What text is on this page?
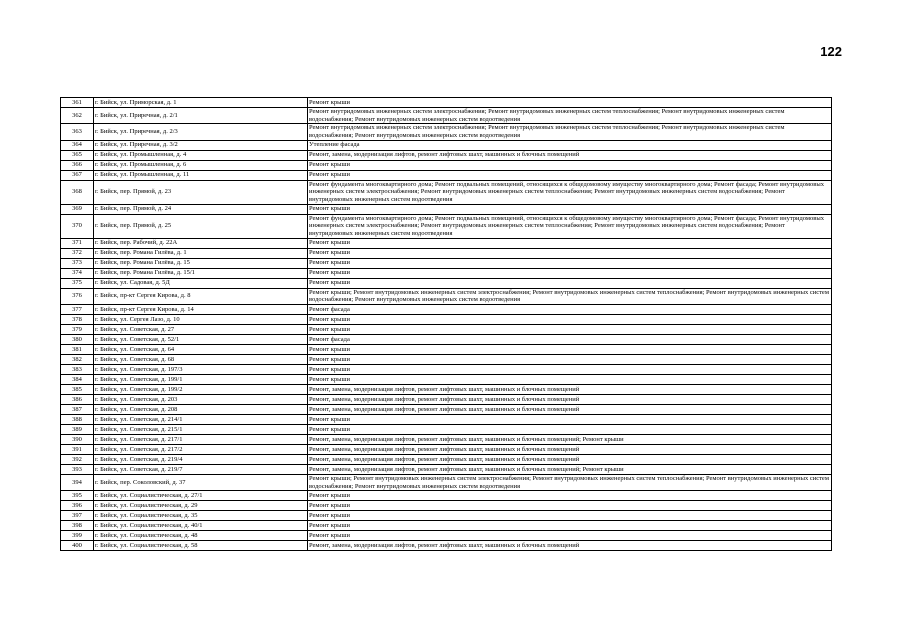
122
361	г. Бийск, ул. Приморская, д. 1	Ремонт крыши
362	г. Бийск, ул. Приречная, д. 2/1	Ремонт внутридомовых инженерных систем электроснабжения; Ремонт внутридомовых инженерных систем теплоснабжения; Ремонт внутридомовых инженерных систем водоснабжения; Ремонт внутридомовых инженерных систем водоотведения
363	г. Бийск, ул. Приречная, д. 2/3	Ремонт внутридомовых инженерных систем электроснабжения; Ремонт внутридомовых инженерных систем теплоснабжения; Ремонт внутридомовых инженерных систем водоснабжения; Ремонт внутридомовых инженерных систем водоотведения
364	г. Бийск, ул. Приречная, д. 3/2	Утепление фасада
365	г. Бийск, ул. Промышленная, д. 4	Ремонт, замена, модернизация лифтов, ремонт лифтовых шахт, машинных и блочных помещений
366	г. Бийск, ул. Промышленная, д. 6	Ремонт крыши
367	г. Бийск, ул. Промышленная, д. 11	Ремонт крыши
368	г. Бийск, пер. Прямой, д. 23	Ремонт фундамента многоквартирного дома; Ремонт подвальных помещений, относящихся к общедомовому имуществу многоквартирного дома; Ремонт фасада; Ремонт внутридомовых инженерных систем электроснабжения; Ремонт внутридомовых инженерных систем теплоснабжения; Ремонт внутридомовых инженерных систем водоснабжения; Ремонт внутридомовых инженерных систем водоотведения
369	г. Бийск, пер. Прямой, д. 24	Ремонт крыши
370	г. Бийск, пер. Прямой, д. 25	Ремонт фундамента многоквартирного дома; Ремонт подвальных помещений, относящихся к общедомовому имуществу многоквартирного дома; Ремонт фасада; Ремонт внутридомовых инженерных систем электроснабжения; Ремонт внутридомовых инженерных систем теплоснабжения; Ремонт внутридомовых инженерных систем водоснабжения; Ремонт внутридомовых инженерных систем водоотведения
371	г. Бийск, пер. Рабочий, д. 22А	Ремонт крыши
372	г. Бийск, пер. Романа Гилёва, д. 1	Ремонт крыши
373	г. Бийск, пер. Романа Гилёва, д. 15	Ремонт крыши
374	г. Бийск, пер. Романа Гилёва, д. 15/1	Ремонт крыши
375	г. Бийск, ул. Садовая, д. 5Д	Ремонт крыши
376	г. Бийск, пр-кт Сергея Кирова, д. 8	Ремонт крыши; Ремонт внутридомовых инженерных систем электроснабжения; Ремонт внутридомовых инженерных систем теплоснабжения; Ремонт внутридомовых инженерных систем водоснабжения; Ремонт внутридомовых инженерных систем водоотведения
377	г. Бийск, пр-кт Сергея Кирова, д. 14	Ремонт фасада
378	г. Бийск, ул. Сергея Лазо, д. 10	Ремонт крыши
379	г. Бийск, ул. Советская, д. 27	Ремонт крыши
380	г. Бийск, ул. Советская, д. 52/1	Ремонт фасада
381	г. Бийск, ул. Советская, д. 64	Ремонт крыши
382	г. Бийск, ул. Советская, д. 68	Ремонт крыши
383	г. Бийск, ул. Советская, д. 197/3	Ремонт крыши
384	г. Бийск, ул. Советская, д. 199/1	Ремонт крыши
385	г. Бийск, ул. Советская, д. 199/2	Ремонт, замена, модернизация лифтов, ремонт лифтовых шахт, машинных и блочных помещений
386	г. Бийск, ул. Советская, д. 203	Ремонт, замена, модернизация лифтов, ремонт лифтовых шахт, машинных и блочных помещений
387	г. Бийск, ул. Советская, д. 208	Ремонт, замена, модернизация лифтов, ремонт лифтовых шахт, машинных и блочных помещений
388	г. Бийск, ул. Советская, д. 214/1	Ремонт крыши
389	г. Бийск, ул. Советская, д. 215/1	Ремонт крыши
390	г. Бийск, ул. Советская, д. 217/1	Ремонт, замена, модернизация лифтов, ремонт лифтовых шахт, машинных и блочных помещений; Ремонт крыши
391	г. Бийск, ул. Советская, д. 217/2	Ремонт, замена, модернизация лифтов, ремонт лифтовых шахт, машинных и блочных помещений
392	г. Бийск, ул. Советская, д. 219/4	Ремонт, замена, модернизация лифтов, ремонт лифтовых шахт, машинных и блочных помещений
393	г. Бийск, ул. Советская, д. 219/7	Ремонт, замена, модернизация лифтов, ремонт лифтовых шахт, машинных и блочных помещений; Ремонт крыши
394	г. Бийск, пер. Соколовский, д. 37	Ремонт крыши; Ремонт внутридомовых инженерных систем электроснабжения; Ремонт внутридомовых инженерных систем теплоснабжения; Ремонт внутридомовых инженерных систем водоснабжения; Ремонт внутридомовых инженерных систем водоотведения
395	г. Бийск, ул. Социалистическая, д. 27/1	Ремонт крыши
396	г. Бийск, ул. Социалистическая, д. 29	Ремонт крыши
397	г. Бийск, ул. Социалистическая, д. 35	Ремонт крыши
398	г. Бийск, ул. Социалистическая, д. 40/1	Ремонт крыши
399	г. Бийск, ул. Социалистическая, д. 48	Ремонт крыши
400	г. Бийск, ул. Социалистическая, д. 58	Ремонт, замена, модернизация лифтов, ремонт лифтовых шахт, машинных и блочных помещений
